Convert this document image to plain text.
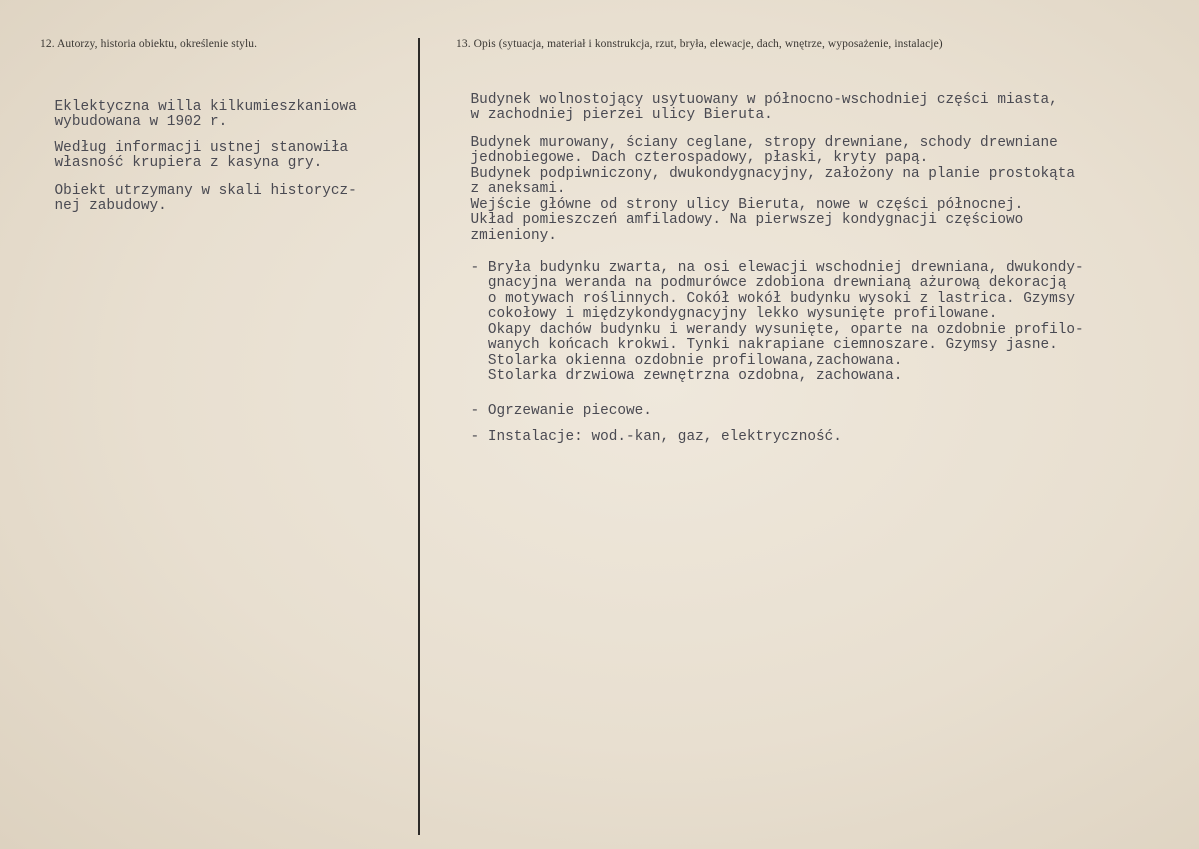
12. Autorzy, historia obiektu, określenie stylu.	13. Opis (sytuacja, materiał i konstrukcja, rzut, bryła, elewacje, dach, wnętrze, wyposażenie, instalacje)

Eklektyczna willa kilkumieszkaniowa
wybudowana w 1902 r.

Według informacji ustnej stanowiła
własność krupiera z kasyna gry.

Obiekt utrzymany w skali historycz-
nej zabudowy.

Budynek wolnostojący usytuowany w północno-wschodniej części miasta,
w zachodniej pierzei ulicy Bieruta.

Budynek murowany, ściany ceglane, stropy drewniane, schody drewniane
jednobiegowe. Dach czterospadowy, płaski, kryty papą.
Budynek podpiwniczony, dwukondygnacyjny, założony na planie prostokąta
z aneksami.
Wejście główne od strony ulicy Bieruta, nowe w części północnej.
Układ pomieszczeń amfiladowy. Na pierwszej kondygnacji częściowo
zmieniony.

- Bryła budynku zwarta, na osi elewacji wschodniej drewniana, dwukondy-
gnacyjna weranda na podmurówce zdobiona drewnianą ażurową dekoracją
o motywach roślinnych. Cokół wokół budynku wysoki z lastrica. Gzymsy
cokołowy i międzykondygnacyjny lekko wysunięte profilowane.
Okapy dachów budynku i werandy wysunięte, oparte na ozdobnie profilo-
wanych końcach krokwi. Tynki nakrapiane ciemnoszare. Gzymsy jasne.
Stolarka okienna ozdobnie profilowana,zachowana.
Stolarka drzwiowa zewnętrzna ozdobna, zachowana.

- Ogrzewanie piecowe.

- Instalacje: wod.-kan, gaz, elektryczność.
